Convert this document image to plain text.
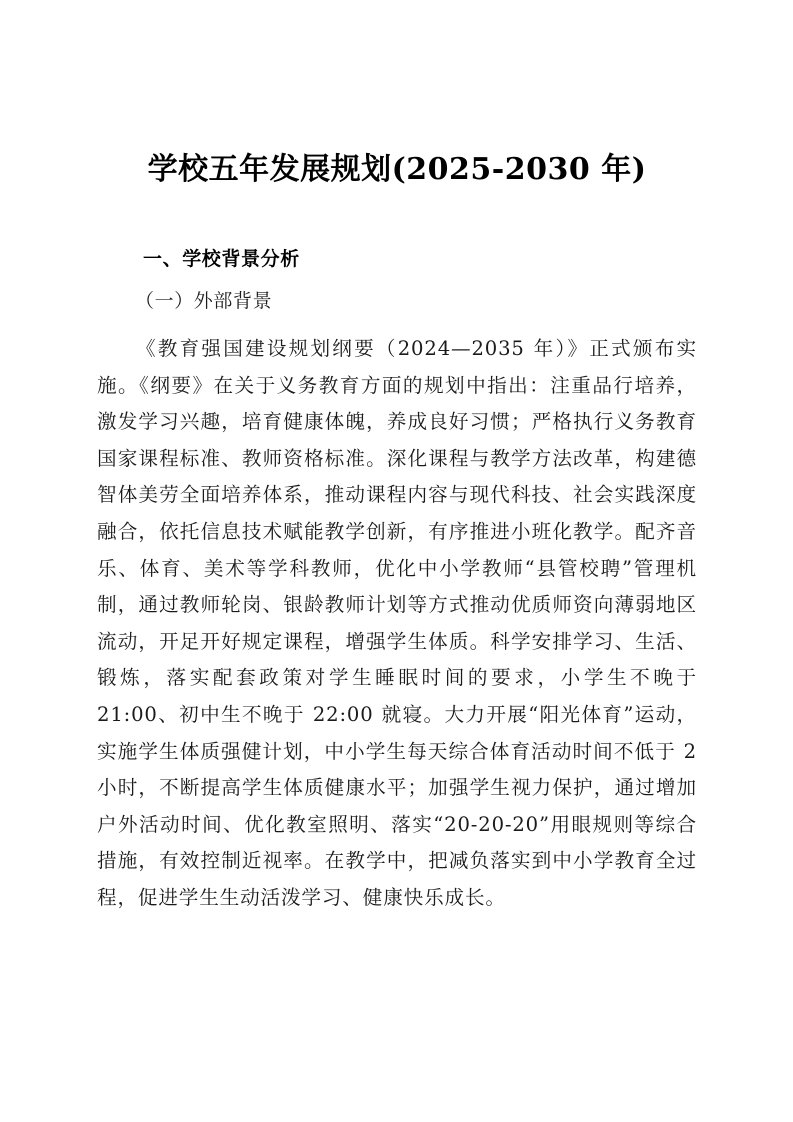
学校五年发展规划(2025-2030 年)
一、学校背景分析
（一）外部背景

《教育强国建设规划纲要（2024—2035 年）》正式颁布实施。《纲要》在关于义务教育方面的规划中指出：注重品行培养，激发学习兴趣，培育健康体魄，养成良好习惯；严格执行义务教育国家课程标准、教师资格标准。深化课程与教学方法改革，构建德智体美劳全面培养体系，推动课程内容与现代科技、社会实践深度融合，依托信息技术赋能教学创新，有序推进小班化教学。配齐音乐、体育、美术等学科教师，优化中小学教师“县管校聘”管理机制，通过教师轮岗、银龄教师计划等方式推动优质师资向薄弱地区流动，开足开好规定课程，增强学生体质。科学安排学习、生活、锻炼，落实配套政策对学生睡眠时间的要求，小学生不晚于 21:00、初中生不晚于 22:00 就寝。大力开展“阳光体育”运动，实施学生体质强健计划，中小学生每天综合体育活动时间不低于 2 小时，不断提高学生体质健康水平；加强学生视力保护，通过增加户外活动时间、优化教室照明、落实“20-20-20”用眼规则等综合措施，有效控制近视率。在教学中，把减负落实到中小学教育全过程，促进学生生动活泼学习、健康快乐成长。
